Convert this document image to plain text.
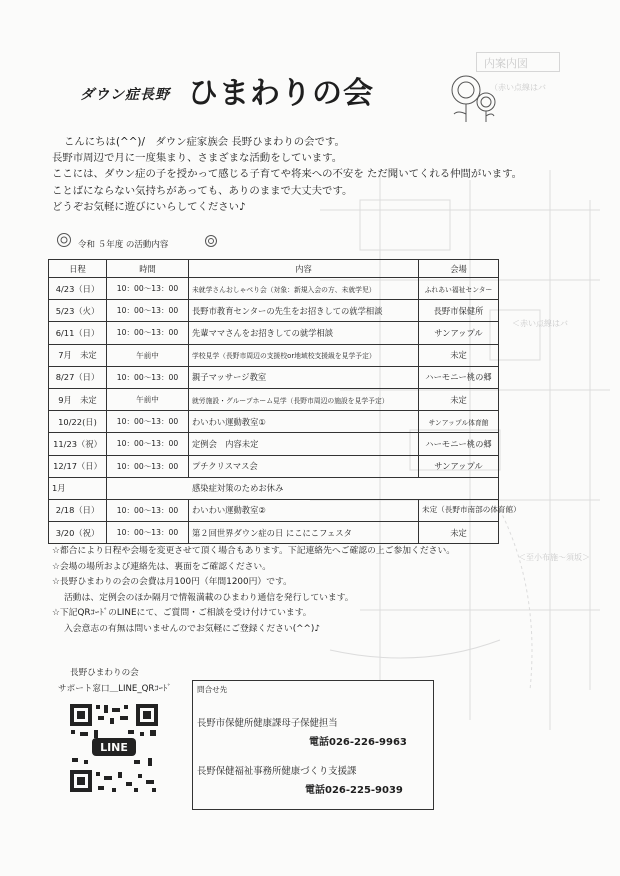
内案内図
（赤い点線はバ
＜赤い点線はバ
＜至小布施〜須坂＞
ダウン症長野 ひまわりの会
こんにちは(^^)/　ダウン症家族会 長野ひまわりの会です。
長野市周辺で月に一度集まり、さまざまな活動をしています。
ここには、ダウン症の子を授かって感じる子育てや将来への不安を ただ聞いてくれる仲間がいます。
ことばにならない気持ちがあっても、ありのままで大丈夫です。
どうぞお気軽に遊びにいらしてください♪
令和 ５年度 の活動内容
日程	時間	内容	会場
4/23（日）	10：00〜13：00	未就学さんおしゃべり会（対象：新規入会の方、未就学児）	ふれあい福祉センター
5/23（火）	10：00〜13：00	長野市教育センターの先生をお招きしての就学相談	長野市保健所
6/11（日）	10：00〜13：00	先輩ママさんをお招きしての就学相談	サンアップル
7月　未定	午前中	学校見学（長野市周辺の支援校or地域校支援級を見学予定）	未定
8/27（日）	10：00〜13：00	親子マッサージ教室	ハーモニー桃の郷
9月　未定	午前中	就労施設・グループホーム見学（長野市周辺の施設を見学予定）	未定
10/22(日)	10：00〜13：00	わいわい運動教室①	サンアップル体育館
11/23（祝）	10：00〜13：00	定例会　内容未定	ハーモニー桃の郷
12/17（日）	10：00〜13：00	プチクリスマス会	サンアップル
1月	感染症対策のためお休み		
2/18（日）	10：00〜13：00	わいわい運動教室②	未定（長野市南部の体育館）
3/20（祝）	10：00〜13：00	第２回世界ダウン症の日 にこにこフェスタ	未定
☆都合により日程や会場を変更させて頂く場合もあります。下記連絡先へご確認の上ご参加ください。
☆会場の場所および連絡先は、裏面をご確認ください。
☆長野ひまわりの会の会費は月100円（年間1200円）です。
活動は、定例会のほか隔月で情報満載のひまわり通信を発行しています。
☆下記QRｺｰﾄﾞのLINEにて、ご質問・ご相談を受け付けています。
入会意志の有無は問いませんのでお気軽にご登録ください(^^)♪
長野ひまわりの会
サポート窓口＿LINE_QRｺｰﾄﾞ
LINE
問合せ先
長野市保健所健康課母子保健担当
電話026-226-9963
長野保健福祉事務所健康づくり支援課
電話026-225-9039
